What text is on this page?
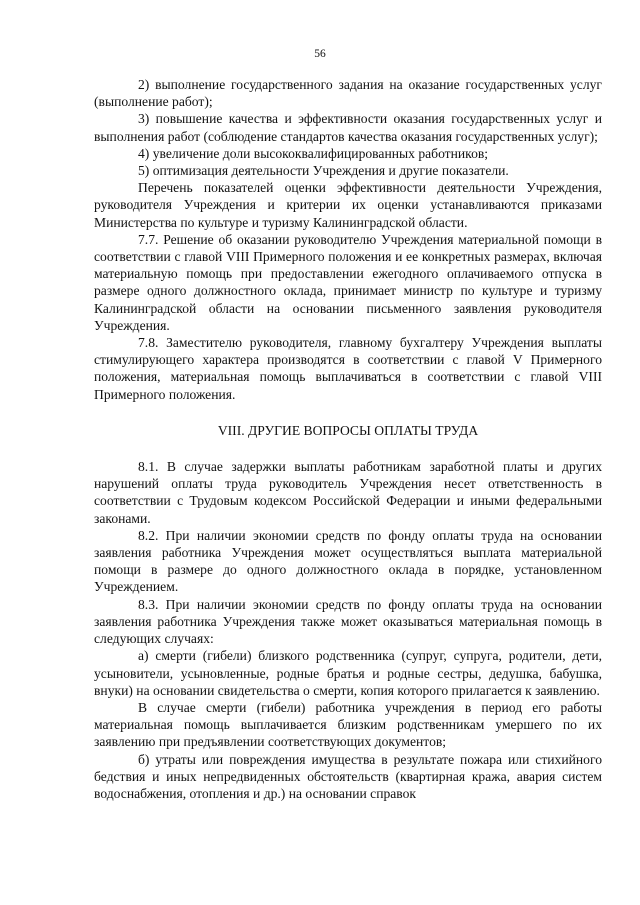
56

2) выполнение государственного задания на оказание государственных услуг (выполнение работ);

3) повышение качества и эффективности оказания государственных услуг и выполнения работ (соблюдение стандартов качества оказания государственных услуг);

4) увеличение доли высококвалифицированных работников;

5) оптимизация деятельности Учреждения и другие показатели.

Перечень показателей оценки эффективности деятельности Учреждения, руководителя Учреждения и критерии их оценки устанавливаются приказами Министерства по культуре и туризму Калининградской области.

7.7. Решение об оказании руководителю Учреждения материальной помощи в соответствии с главой VIII Примерного положения и ее конкретных размерах, включая материальную помощь при предоставлении ежегодного оплачиваемого отпуска в размере одного должностного оклада, принимает министр по культуре и туризму Калининградской области на основании письменного заявления руководителя Учреждения.

7.8. Заместителю руководителя, главному бухгалтеру Учреждения выплаты стимулирующего характера производятся в соответствии с главой V Примерного положения, материальная помощь выплачиваться в соответствии с главой VIII Примерного положения.

VIII. ДРУГИЕ ВОПРОСЫ ОПЛАТЫ ТРУДА

8.1. В случае задержки выплаты работникам заработной платы и других нарушений оплаты труда руководитель Учреждения несет ответственность в соответствии с Трудовым кодексом Российской Федерации и иными федеральными законами.

8.2. При наличии экономии средств по фонду оплаты труда на основании заявления работника Учреждения может осуществляться выплата материальной помощи в размере до одного должностного оклада в порядке, установленном Учреждением.

8.3. При наличии экономии средств по фонду оплаты труда на основании заявления работника Учреждения также может оказываться материальная помощь в следующих случаях:

а) смерти (гибели) близкого родственника (супруг, супруга, родители, дети, усыновители, усыновленные, родные братья и родные сестры, дедушка, бабушка, внуки) на основании свидетельства о смерти, копия которого прилагается к заявлению.

В случае смерти (гибели) работника учреждения в период его работы материальная помощь выплачивается близким родственникам умершего по их заявлению при предъявлении соответствующих документов;

б) утраты или повреждения имущества в результате пожара или стихийного бедствия и иных непредвиденных обстоятельств (квартирная кража, авария систем водоснабжения, отопления и др.) на основании справок
